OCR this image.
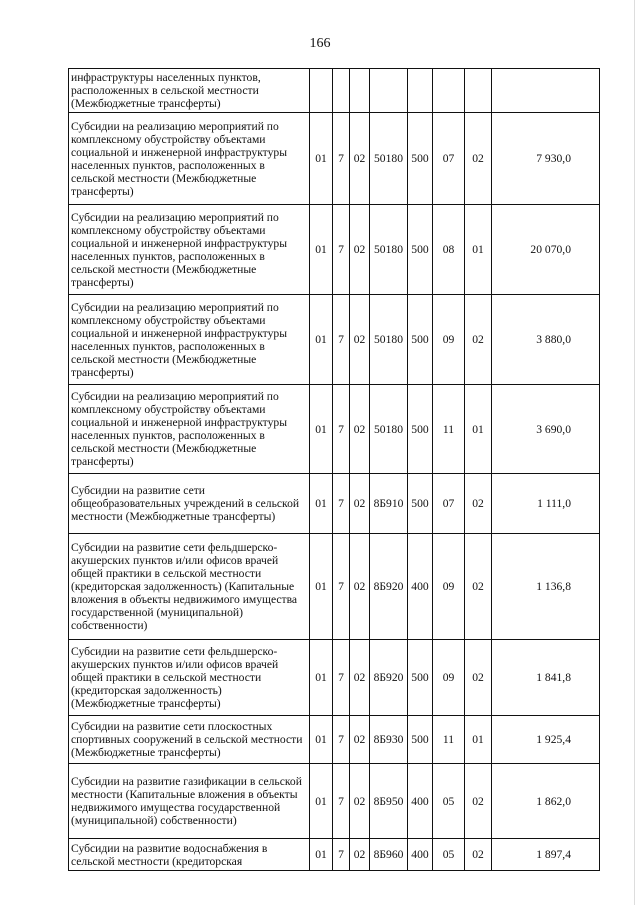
166
инфраструктуры населенных пунктов, расположенных в сельской местности (Межбюджетные трансферты)								
Субсидии на реализацию мероприятий по комплексному обустройству объектами социальной и инженерной инфраструктуры населенных пунктов, расположенных в сельской местности (Межбюджетные трансферты)	01	7	02	50180	500	07	02	7 930,0
Субсидии на реализацию мероприятий по комплексному обустройству объектами социальной и инженерной инфраструктуры населенных пунктов, расположенных в сельской местности (Межбюджетные трансферты)	01	7	02	50180	500	08	01	20 070,0
Субсидии на реализацию мероприятий по комплексному обустройству объектами социальной и инженерной инфраструктуры населенных пунктов, расположенных в сельской местности (Межбюджетные трансферты)	01	7	02	50180	500	09	02	3 880,0
Субсидии на реализацию мероприятий по комплексному обустройству объектами социальной и инженерной инфраструктуры населенных пунктов, расположенных в сельской местности (Межбюджетные трансферты)	01	7	02	50180	500	11	01	3 690,0
Субсидии на развитие сети общеобразовательных учреждений в сельской местности (Межбюджетные трансферты)	01	7	02	8Б910	500	07	02	1 111,0
Субсидии на развитие сети фельдшерско-акушерских пунктов и/или офисов врачей общей практики в сельской местности (кредиторская задолженность) (Капитальные вложения в объекты недвижимого имущества государственной (муниципальной) собственности)	01	7	02	8Б920	400	09	02	1 136,8
Субсидии на развитие сети фельдшерско-акушерских пунктов и/или офисов врачей общей практики в сельской местности (кредиторская задолженность) (Межбюджетные трансферты)	01	7	02	8Б920	500	09	02	1 841,8
Субсидии на развитие сети плоскостных спортивных сооружений в сельской местности (Межбюджетные трансферты)	01	7	02	8Б930	500	11	01	1 925,4
Субсидии на развитие газификации в сельской местности (Капитальные вложения в объекты недвижимого имущества государственной (муниципальной) собственности)	01	7	02	8Б950	400	05	02	1 862,0
Субсидии на развитие водоснабжения в сельской местности (кредиторская	01	7	02	8Б960	400	05	02	1 897,4
